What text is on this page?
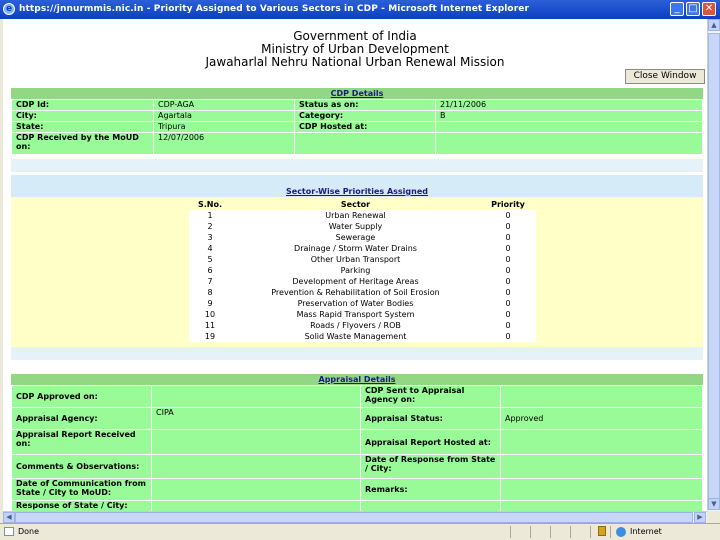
e https://jnnurmmis.nic.in - Priority Assigned to Various Sectors in CDP - Microsoft Internet Explorer	_ □ ✕
Government of India
Ministry of Urban Development
Jawaharlal Nehru National Urban Renewal Mission
Close Window
CDP Details
CDP Id:	CDP-AGA	Status as on:	21/11/2006
City:	Agartala	Category:	B
State:	Tripura	CDP Hosted at:	
CDP Received by the MoUD on:	12/07/2006		
Sector-Wise Priorities Assigned
S.No.	Sector	Priority
1	Urban Renewal	0
2	Water Supply	0
3	Sewerage	0
4	Drainage / Storm Water Drains	0
5	Other Urban Transport	0
6	Parking	0
7	Development of Heritage Areas	0
8	Prevention & Rehabilitation of Soil Erosion	0
9	Preservation of Water Bodies	0
10	Mass Rapid Transport System	0
11	Roads / Flyovers / ROB	0
19	Solid Waste Management	0
Appraisal Details
CDP Approved on:		CDP Sent to Appraisal Agency on:	
Appraisal Agency:	CIPA	Appraisal Status:	Approved
Appraisal Report Received on:		Appraisal Report Hosted at:	
Comments & Observations:		Date of Response from State / City:	
Date of Communication from State / City to MoUD:		Remarks:	
Response of State / City:			
▲
▼
◀	▶
Done	Internet
